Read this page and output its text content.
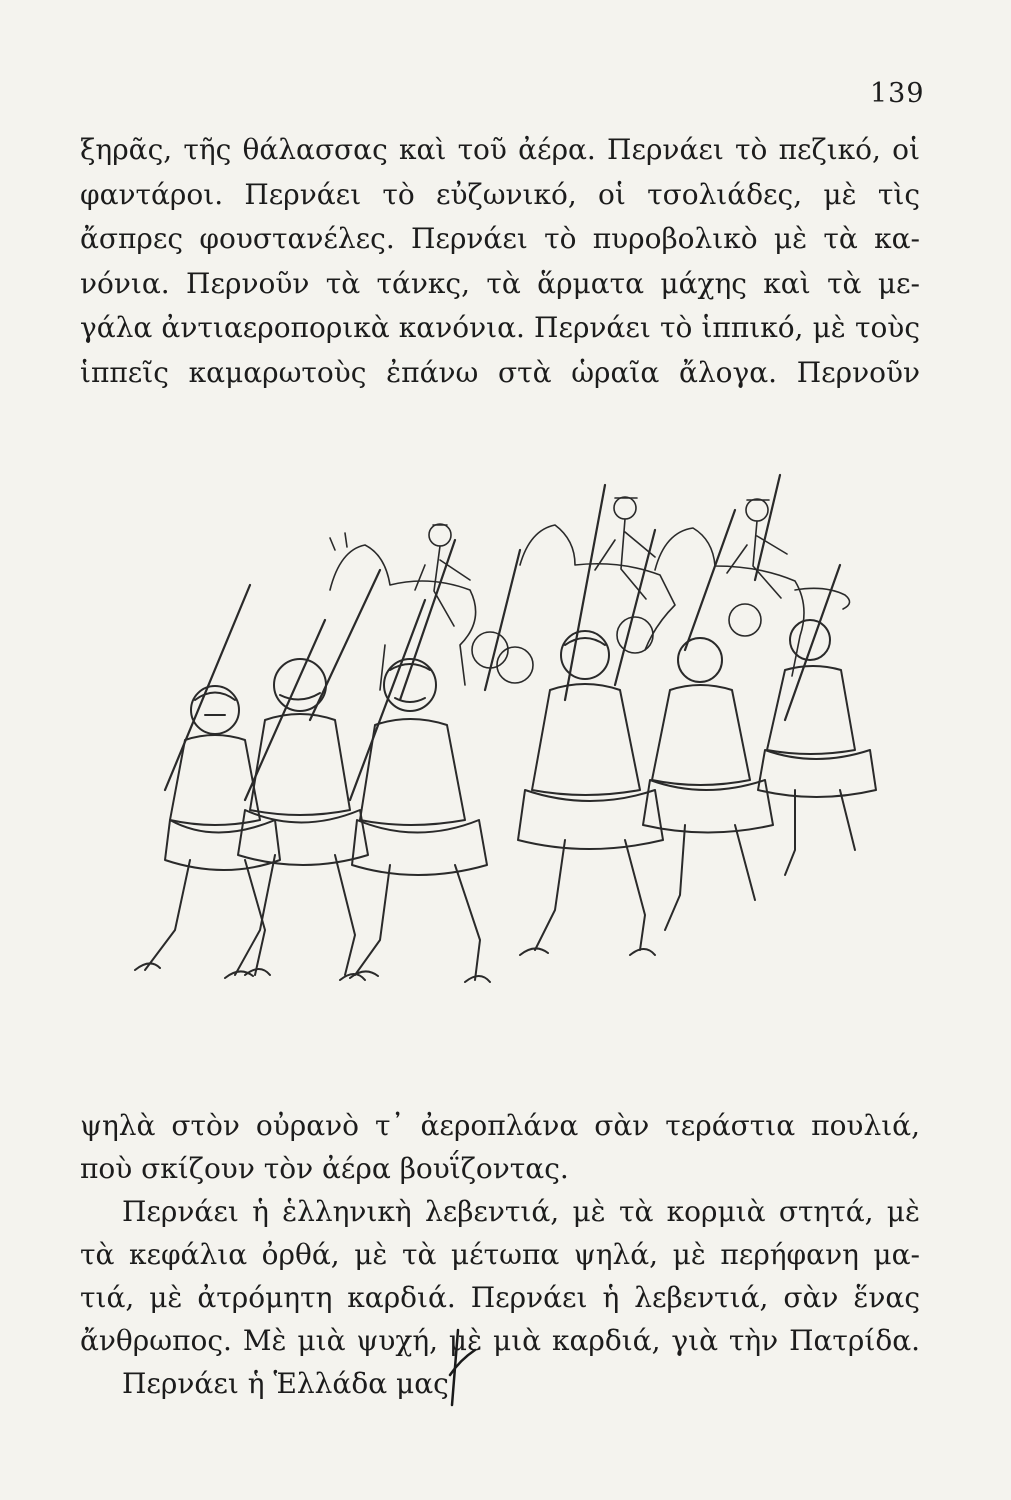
139
ξηρᾶς, τῆς θάλασσας καὶ τοῦ ἀέρα. Περνάει τὸ πεζικό, οἱ
φαντάροι. Περνάει τὸ εὐζωνικό, οἱ τσολιάδες, μὲ τὶς
ἄσπρες φουστανέλες. Περνάει τὸ πυροβολικὸ μὲ τὰ κα-
νόνια. Περνοῦν τὰ τάνκς, τὰ ἅρματα μάχης καὶ τὰ με-
γάλα ἀντιαεροπορικὰ κανόνια. Περνάει τὸ ἱππικό, μὲ τοὺς
ἱππεῖς καμαρωτοὺς ἐπάνω στὰ ὡραῖα ἄλογα. Περνοῦν
ψηλὰ στὸν οὐρανὸ τ᾿ ἀεροπλάνα σὰν τεράστια πουλιά,
ποὺ σκίζουν τὸν ἀέρα βουΐζοντας.
Περνάει ἡ ἑλληνικὴ λεβεντιά, μὲ τὰ κορμιὰ στητά, μὲ
τὰ κεφάλια ὀρθά, μὲ τὰ μέτωπα ψηλά, μὲ περήφανη μα-
τιά, μὲ ἀτρόμητη καρδιά. Περνάει ἡ λεβεντιά, σὰν ἕνας
ἄνθρωπος. Μὲ μιὰ ψυχή, μὲ μιὰ καρδιά, γιὰ τὴν Πατρίδα.
Περνάει ἡ Ἑλλάδα μας
